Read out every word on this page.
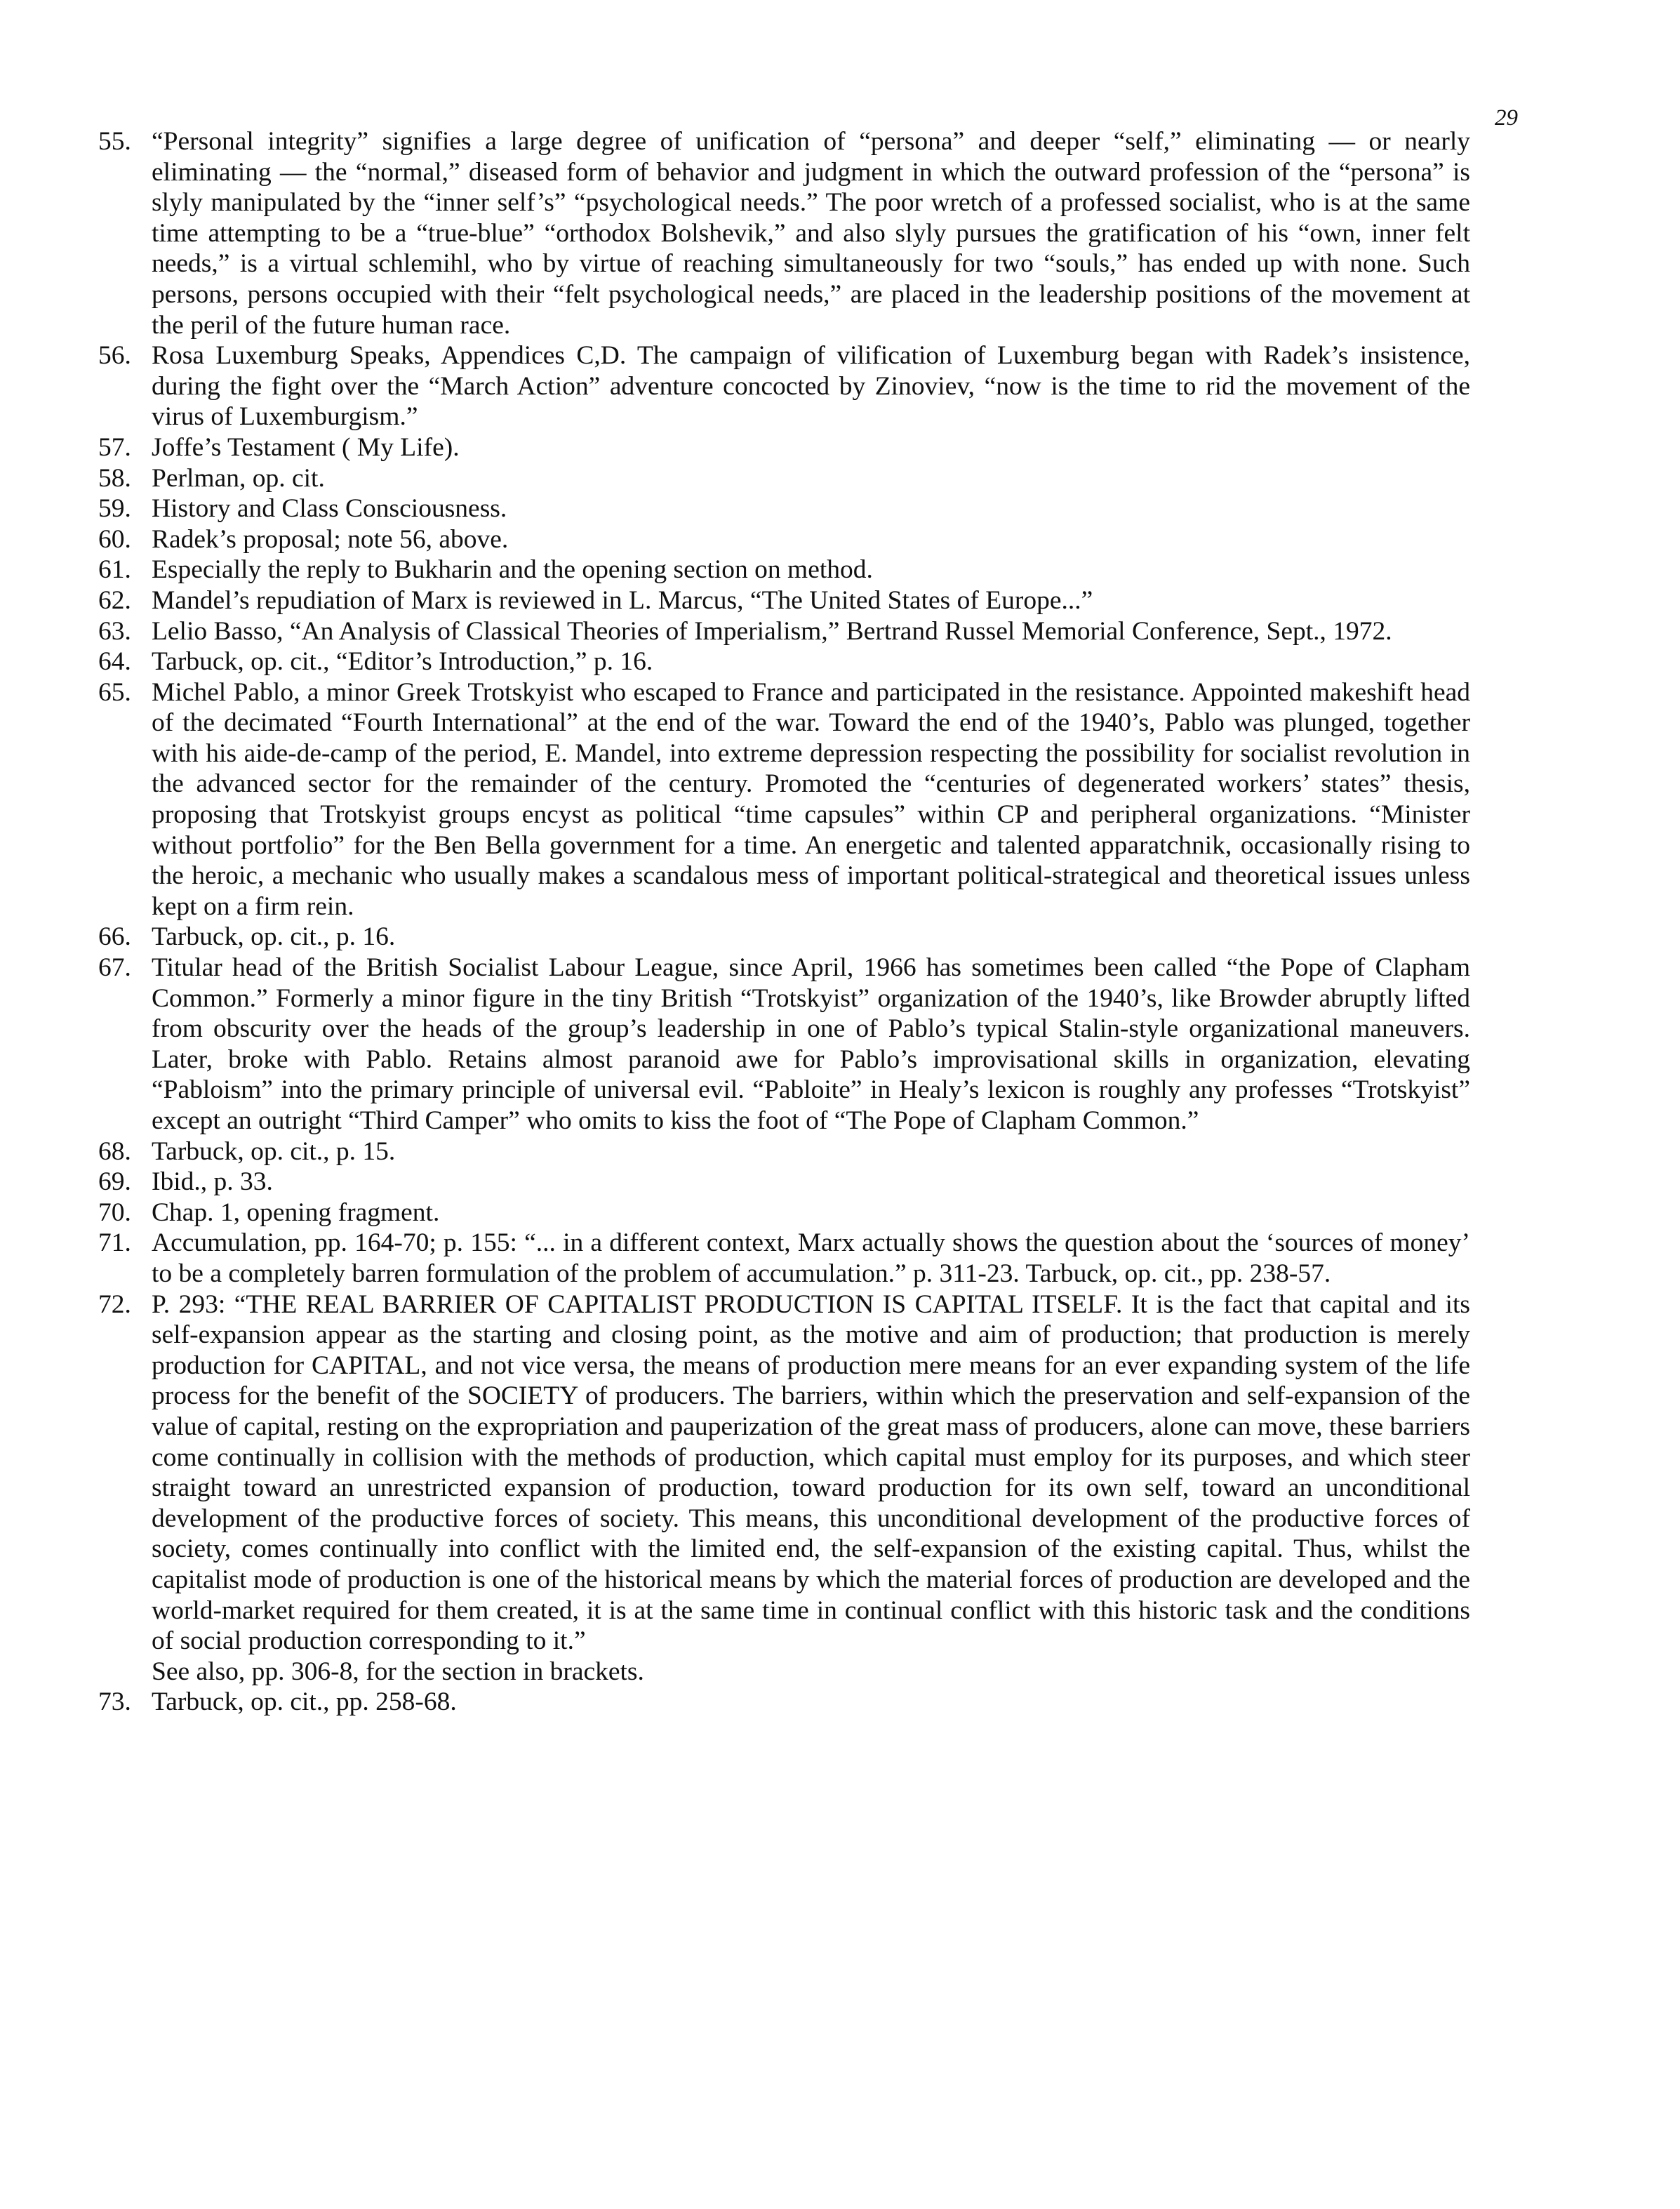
29
55. “Personal integrity” signifies a large degree of unification of “persona” and deeper “self,” eliminating — or nearly eliminating — the “normal,” diseased form of behavior and judgment in which the outward profession of the “persona” is slyly manipulated by the “inner self’s” “psychological needs.” The poor wretch of a professed socialist, who is at the same time attempting to be a “true-blue” “orthodox Bolshevik,” and also slyly pursues the gratification of his “own, inner felt needs,” is a virtual schlemihl, who by virtue of reaching simultaneously for two “souls,” has ended up with none. Such persons, persons occupied with their “felt psychological needs,” are placed in the leadership positions of the movement at the peril of the future human race.
56. Rosa Luxemburg Speaks, Appendices C,D. The campaign of vilification of Luxemburg began with Radek’s insistence, during the fight over the “March Action” adventure concocted by Zinoviev, “now is the time to rid the movement of the virus of Luxemburgism.”
57. Joffe’s Testament ( My Life).
58. Perlman, op. cit.
59. History and Class Consciousness.
60. Radek’s proposal; note 56, above.
61. Especially the reply to Bukharin and the opening section on method.
62. Mandel’s repudiation of Marx is reviewed in L. Marcus, “The United States of Europe...”
63. Lelio Basso, “An Analysis of Classical Theories of Imperialism,” Bertrand Russel Memorial Conference, Sept., 1972.
64. Tarbuck, op. cit., “Editor’s Introduction,” p. 16.
65. Michel Pablo, a minor Greek Trotskyist who escaped to France and participated in the resistance. Appointed makeshift head of the decimated “Fourth International” at the end of the war. Toward the end of the 1940’s, Pablo was plunged, together with his aide-de-camp of the period, E. Mandel, into extreme depression respecting the possibility for socialist revolution in the advanced sector for the remainder of the century. Promoted the “centuries of degenerated workers’ states” thesis, proposing that Trotskyist groups encyst as political “time capsules” within CP and peripheral organizations. “Minister without portfolio” for the Ben Bella government for a time. An energetic and talented apparatchnik, occasionally rising to the heroic, a mechanic who usually makes a scandalous mess of important political-strategical and theoretical issues unless kept on a firm rein.
66. Tarbuck, op. cit., p. 16.
67. Titular head of the British Socialist Labour League, since April, 1966 has sometimes been called “the Pope of Clapham Common.” Formerly a minor figure in the tiny British “Trotskyist” organization of the 1940’s, like Browder abruptly lifted from obscurity over the heads of the group’s leadership in one of Pablo’s typical Stalin-style organizational maneuvers. Later, broke with Pablo. Retains almost paranoid awe for Pablo’s improvisational skills in organization, elevating “Pabloism” into the primary principle of universal evil. “Pabloite” in Healy’s lexicon is roughly any professes “Trotskyist” except an outright “Third Camper” who omits to kiss the foot of “The Pope of Clapham Common.”
68. Tarbuck, op. cit., p. 15.
69. Ibid., p. 33.
70. Chap. 1, opening fragment.
71. Accumulation, pp. 164-70; p. 155: “... in a different context, Marx actually shows the question about the ‘sources of money’ to be a completely barren formulation of the problem of accumulation.” p. 311-23. Tarbuck, op. cit., pp. 238-57.
72. P. 293: “THE REAL BARRIER OF CAPITALIST PRODUCTION IS CAPITAL ITSELF. It is the fact that capital and its self-expansion appear as the starting and closing point, as the motive and aim of production; that production is merely production for CAPITAL, and not vice versa, the means of production mere means for an ever expanding system of the life process for the benefit of the SOCIETY of producers. The barriers, within which the preservation and self-expansion of the value of capital, resting on the expropriation and pauperization of the great mass of producers, alone can move, these barriers come continually in collision with the methods of production, which capital must employ for its purposes, and which steer straight toward an unrestricted expansion of production, toward production for its own self, toward an unconditional development of the productive forces of society. This means, this unconditional development of the productive forces of society, comes continually into conflict with the limited end, the self-expansion of the existing capital. Thus, whilst the capitalist mode of production is one of the historical means by which the material forces of production are developed and the world-market required for them created, it is at the same time in continual conflict with this historic task and the conditions of social production corresponding to it.”
See also, pp. 306-8, for the section in brackets.
73. Tarbuck, op. cit., pp. 258-68.
